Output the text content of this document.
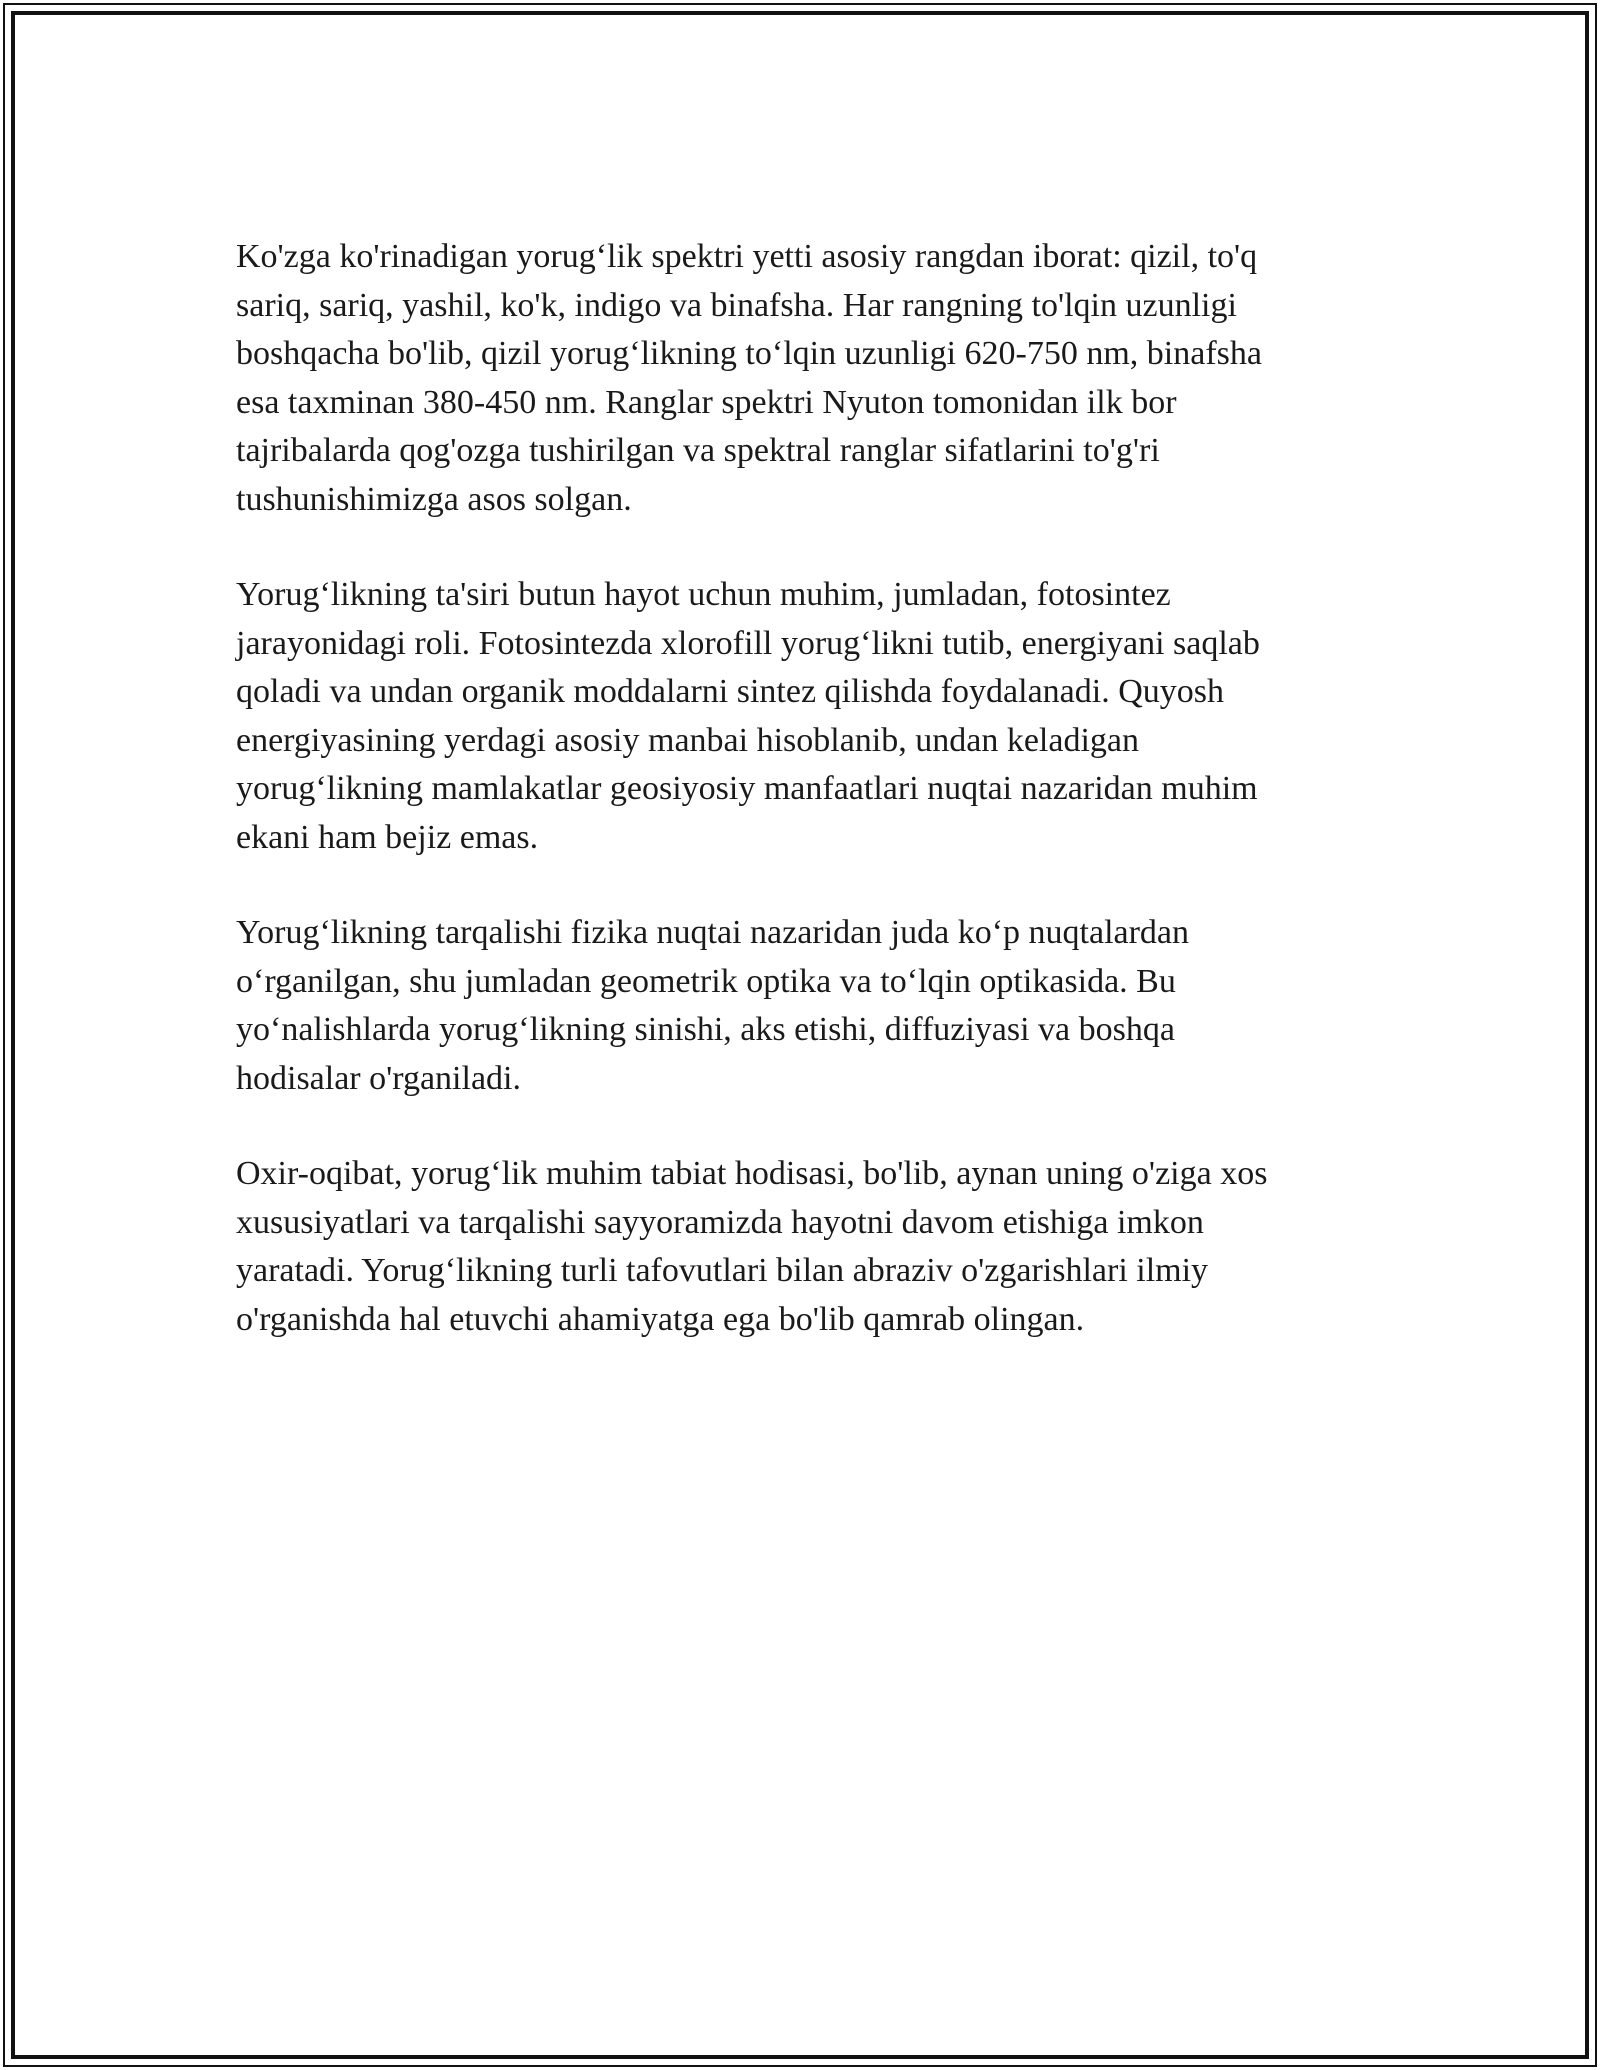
Ko'zga ko'rinadigan yorug‘lik spektri yetti asosiy rangdan iborat: qizil, to'q
sariq, sariq, yashil, ko'k, indigo va binafsha. Har rangning to'lqin uzunligi
boshqacha bo'lib, qizil yorug‘likning to‘lqin uzunligi 620-750 nm, binafsha
esa taxminan 380-450 nm. Ranglar spektri Nyuton tomonidan ilk bor
tajribalarda qog'ozga tushirilgan va spektral ranglar sifatlarini to'g'ri
tushunishimizga asos solgan.

Yorug‘likning ta'siri butun hayot uchun muhim, jumladan, fotosintez
jarayonidagi roli. Fotosintezda xlorofill yorug‘likni tutib, energiyani saqlab
qoladi va undan organik moddalarni sintez qilishda foydalanadi. Quyosh
energiyasining yerdagi asosiy manbai hisoblanib, undan keladigan
yorug‘likning mamlakatlar geosiyosiy manfaatlari nuqtai nazaridan muhim
ekani ham bejiz emas.

Yorug‘likning tarqalishi fizika nuqtai nazaridan juda ko‘p nuqtalardan
o‘rganilgan, shu jumladan geometrik optika va to‘lqin optikasida. Bu
yo‘nalishlarda yorug‘likning sinishi, aks etishi, diffuziyasi va boshqa
hodisalar o'rganiladi.

Oxir-oqibat, yorug‘lik muhim tabiat hodisasi, bo'lib, aynan uning o'ziga xos
xususiyatlari va tarqalishi sayyoramizda hayotni davom etishiga imkon
yaratadi. Yorug‘likning turli tafovutlari bilan abraziv o'zgarishlari ilmiy
o'rganishda hal etuvchi ahamiyatga ega bo'lib qamrab olingan.
